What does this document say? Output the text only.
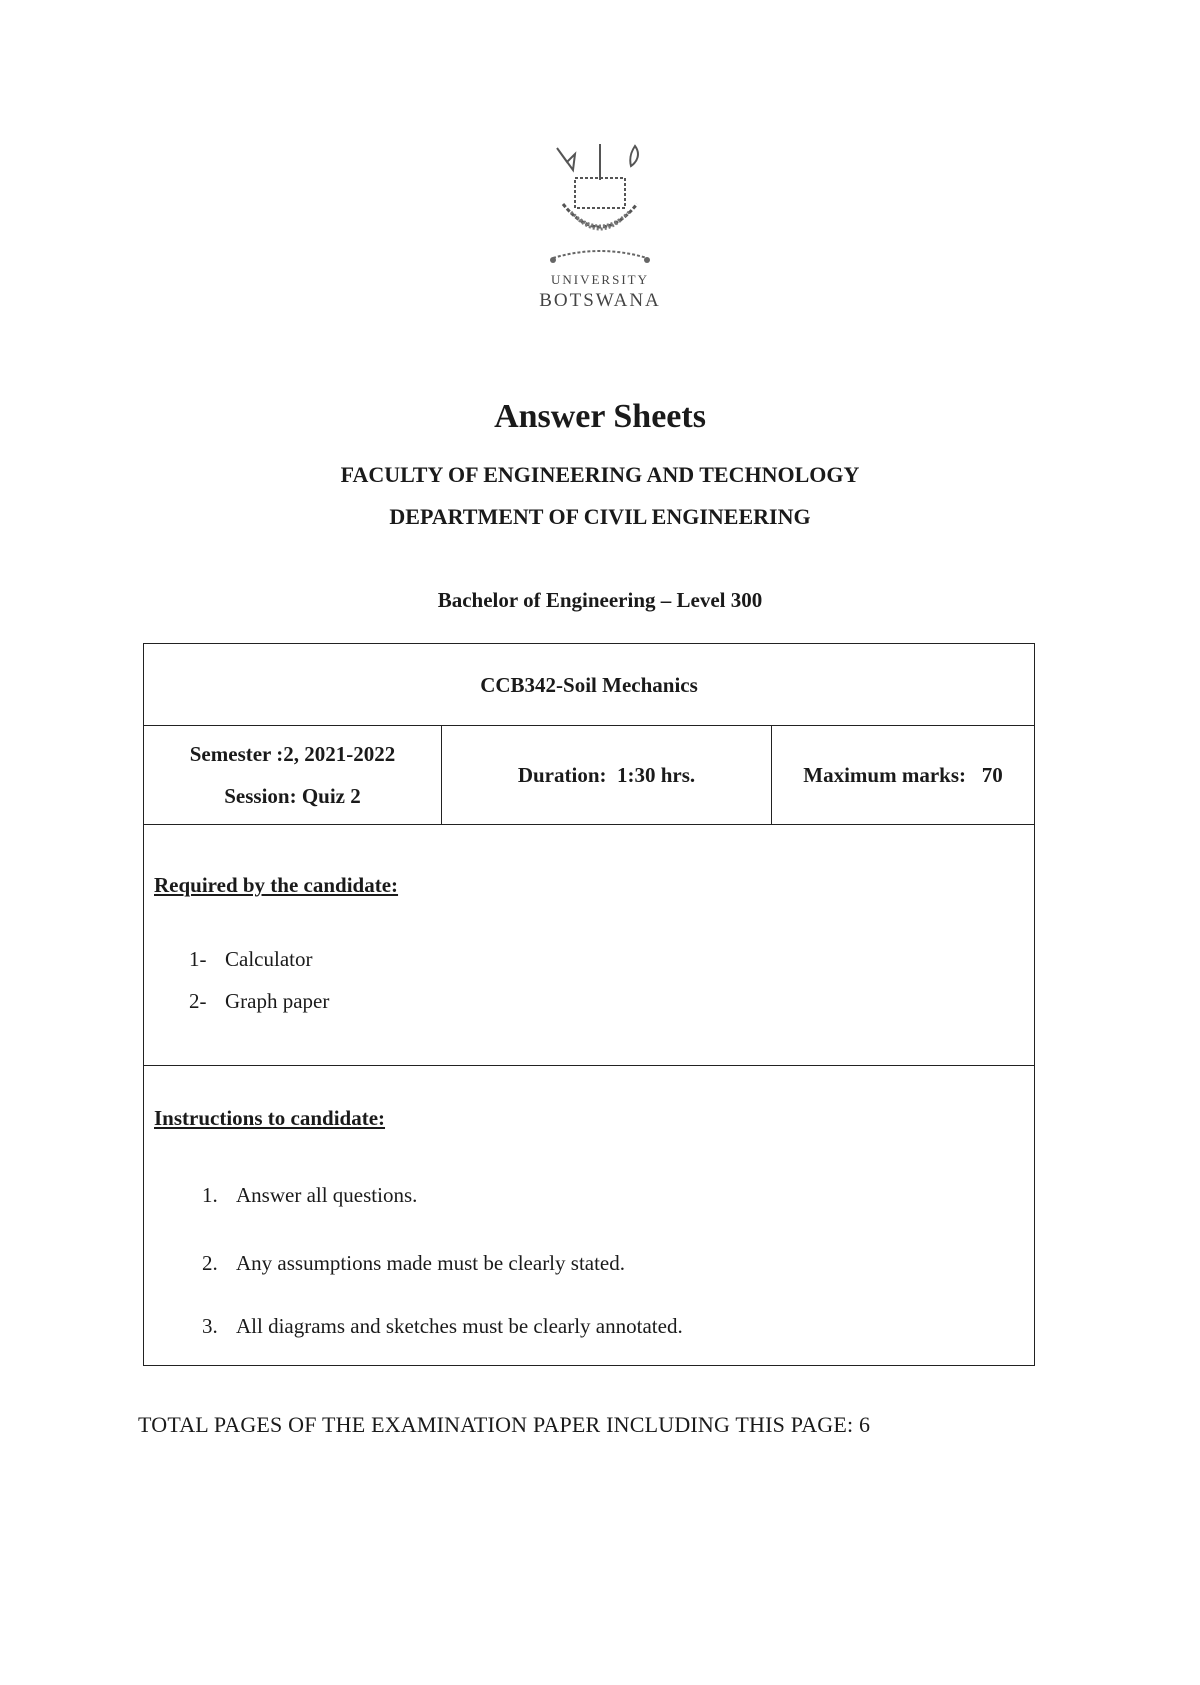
UNIVERSITY
BOTSWANA
Answer Sheets
FACULTY OF ENGINEERING AND TECHNOLOGY
DEPARTMENT OF CIVIL ENGINEERING
Bachelor of Engineering – Level 300
CCB342-Soil Mechanics
Semester :2, 2021-2022
Session: Quiz 2
Duration:  1:30 hrs.	Maximum marks:   70
Required by the candidate:
1- Calculator
2- Graph paper
Instructions to candidate:
1. Answer all questions.
2. Any assumptions made must be clearly stated.
3. All diagrams and sketches must be clearly annotated.
TOTAL PAGES OF THE EXAMINATION PAPER INCLUDING THIS PAGE: 6
